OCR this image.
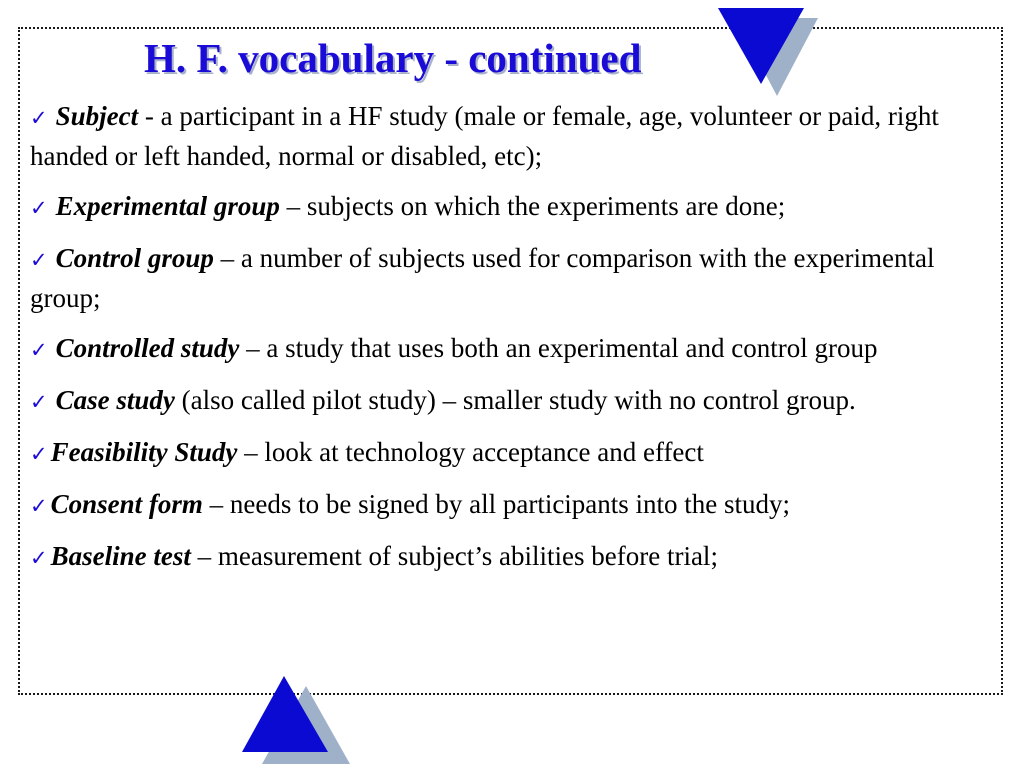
H. F. vocabulary - continued
✓ Subject - a participant in a HF study (male or female, age, volunteer or paid, right handed or left handed, normal or disabled, etc);
✓ Experimental group – subjects on which the experiments are done;
✓ Control group – a number of subjects used for comparison with the experimental group;
✓ Controlled study – a study that uses both an experimental and control group
✓ Case study (also called pilot study) – smaller study with no control group.
✓ Feasibility Study – look at technology acceptance and effect
✓ Consent form – needs to be signed by all participants into the study;
✓ Baseline test – measurement of subject’s abilities before trial;
